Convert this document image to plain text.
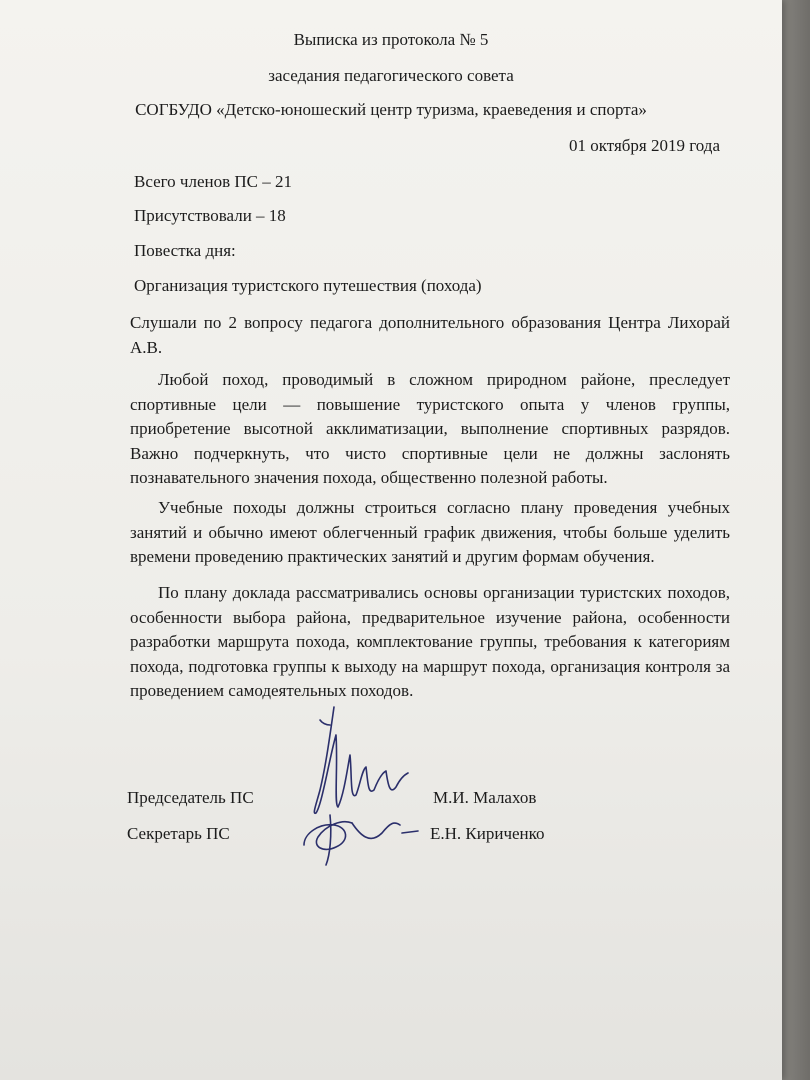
Выписка из протокола № 5
заседания педагогического совета
СОГБУДО «Детско-юношеский центр туризма, краеведения и спорта»
01 октября 2019 года
Всего членов ПС – 21
Присутствовали – 18
Повестка дня:
Организация туристского путешествия (похода)

Слушали по 2 вопросу педагога дополнительного образования Центра Лихорай А.В.

Любой поход, проводимый в сложном природном районе, преследует спортивные цели — повышение туристского опыта у членов группы, приобретение высотной акклиматизации, выполнение спортивных разрядов. Важно подчеркнуть, что чисто спортивные цели не должны заслонять познавательного значения похода, общественно полезной работы.

Учебные походы должны строиться согласно плану проведения учебных занятий и обычно имеют облегченный график движения, чтобы больше уделить времени проведению практических занятий и другим формам обучения.

По плану доклада рассматривались основы организации туристских походов, особенности выбора района, предварительное изучение района, особенности разработки маршрута похода, комплектование группы, требования к категориям похода, подготовка группы к выходу на маршрут похода, организация контроля за проведением самодеятельных походов.

Председатель ПС	М.И. Малахов
Секретарь ПС	Е.Н. Кириченко
